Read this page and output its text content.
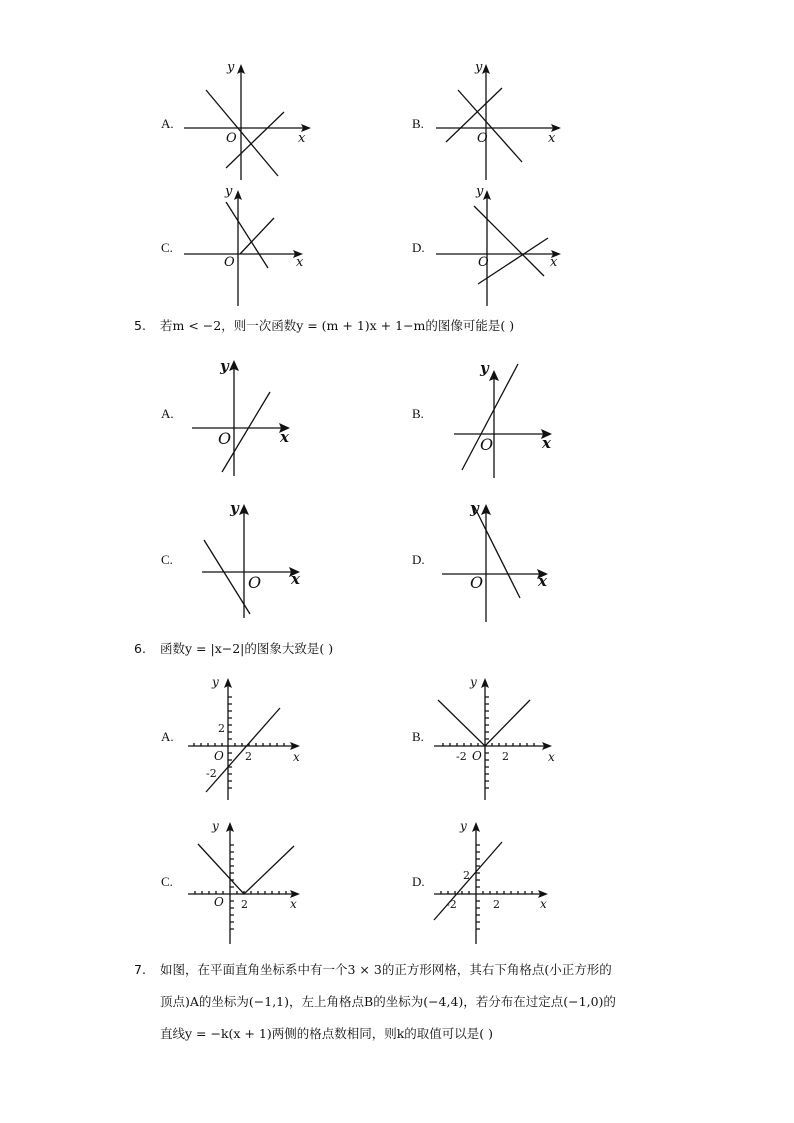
A.
O	x
y
B.
O	x
y
C.
O	x
y
D.
O	x
y
5. 若m < −2，则一次函数y = (m + 1)x + 1−m的图像可能是( )
A.
O	x
y
B.
O	x
y
C.
O x
y
D.
O	x
y
6. 函数y = |x−2|的图象大致是( )
A.
O
2
-2
2	x
y
B.
-2 O 2	x
y
C.
O 2	x
y
D.	2
-2	2	x
y
7. 如图，在平面直角坐标系中有一个3 × 3的正方形网格，其右下角格点(小正方形的
顶点)A的坐标为(−1,1)，左上角格点B的坐标为(−4,4)，若分布在过定点(−1,0)的
直线y = −k(x + 1)两侧的格点数相同，则k的取值可以是( )
